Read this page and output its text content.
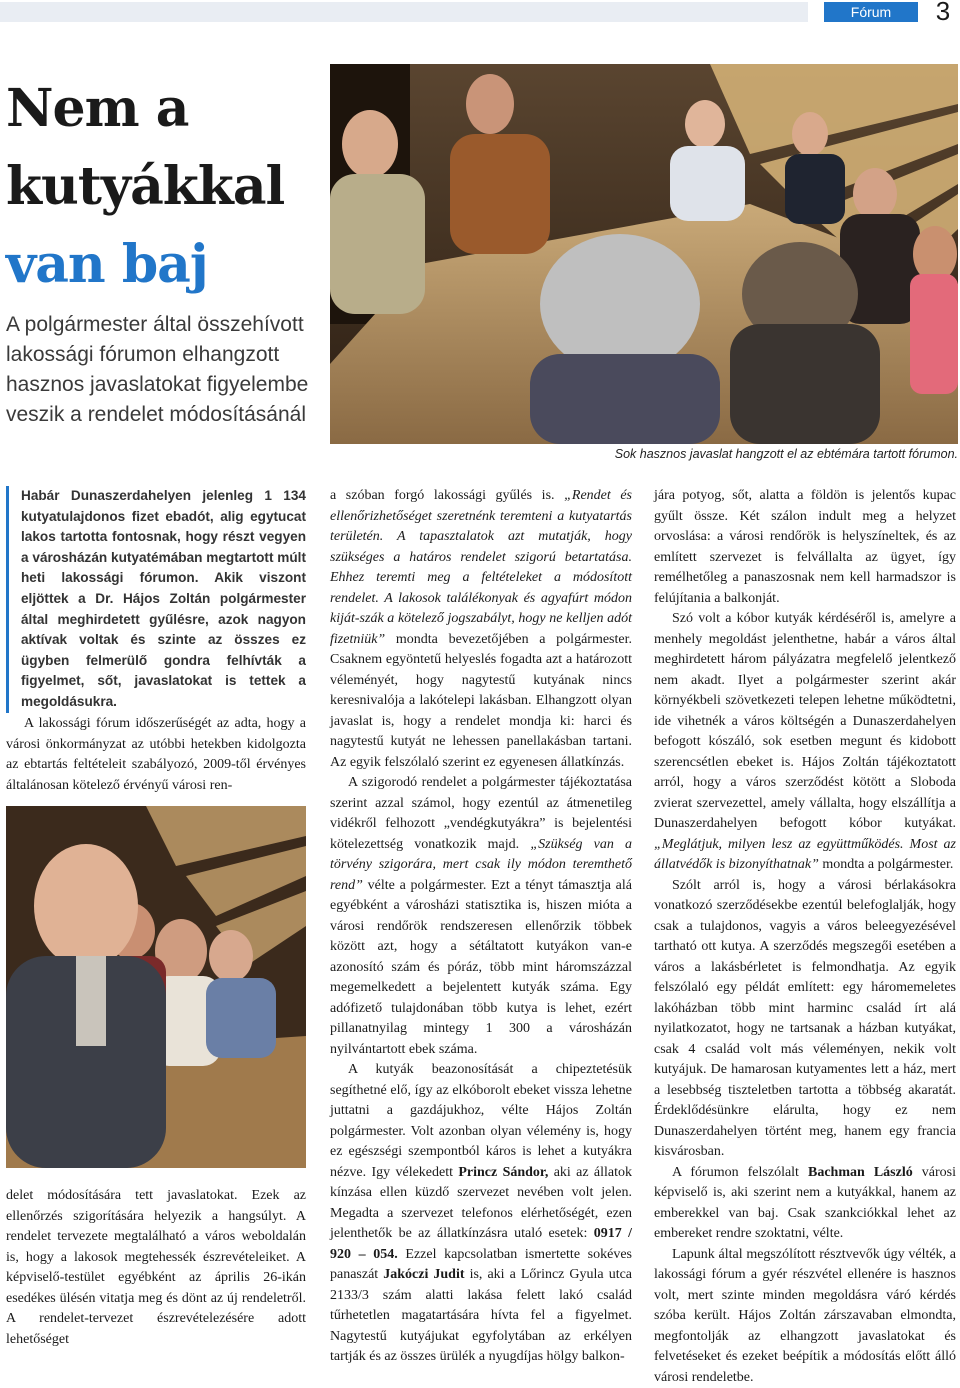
Fórum	3
Nem a
kutyákkal
van baj

A polgármester által összehívott lakossági fórumon elhangzott hasznos javaslatokat figyelembe veszik a rendelet módosításánál

Sok hasznos javaslat hangzott el az ebtémára tartott fórumon.
Habár Dunaszerdahelyen jelenleg 1 134 kutyatulajdonos fizet ebadót, alig egytucat lakos tartotta fontosnak, hogy részt vegyen a városházán kutyatémában megtartott múlt heti lakossági fórumon. Akik viszont eljöttek a Dr. Hájos Zoltán polgármester által meghirdetett gyűlésre, azok nagyon aktívak voltak és szinte az összes ez ügyben felmerülő gondra felhívták a figyelmet, sőt, javaslatokat is tettek a megoldásukra.

A lakossági fórum időszerűségét az adta, hogy a városi önkormányzat az utóbbi hetekben kidolgozta az ebtartás feltételeit szabályozó, 2009-től érvényes általánosan kötelező érvényű városi ren-

delet módosítására tett javaslatokat. Ezek az ellenőrzés szigorítására helyezik a hangsúlyt. A rendelet tervezete megtalálható a város weboldalán is, hogy a lakosok megtehessék észrevételeiket. A képviselő-testület egyébként az április 26-ikán esedékes ülésén vitatja meg és dönt az új rendeletről. A rendelet-tervezet észrevételezésére adott lehetőséget

a szóban forgó lakossági gyűlés is. „Rendet és ellenőrizhetőséget szeretnénk teremteni a kutyatartás területén. A tapasztalatok azt mutatják, hogy szükséges a határos rendelet szigorú betartatása. Ehhez teremti meg a feltételeket a módosított rendelet. A lakosok találékonyak és agyafúrt módon kiját-szák a kötelező jogszabályt, hogy ne kelljen adót fizetniük” mondta bevezetőjében a polgármester. Csaknem egyöntetű helyeslés fogadta azt a határozott véleményét, hogy nagytestű kutyának nincs keresnivalója a lakótelepi lakásban. Elhangzott olyan javaslat is, hogy a rendelet mondja ki: harci és nagytestű kutyát ne lehessen panellakásban tartani. Az egyik felszólaló szerint ez egyenesen állatkínzás.

A szigorodó rendelet a polgármester tájékoztatása szerint azzal számol, hogy ezentúl az átmenetileg vidékről felhozott „vendégkutyákra” is bejelentési kötelezettség vonatkozik majd. „Szükség van a törvény szigorára, mert csak ily módon teremthető rend” vélte a polgármester. Ezt a tényt támasztja alá egyébként a városházi statisztika is, hiszen mióta a városi rendőrök rendszeresen ellenőrzik többek között azt, hogy a sétáltatott kutyákon van-e azonosító szám és póráz, több mint háromszázzal megemelkedett a bejelentett kutyák száma. Egy adófizető tulajdonában több kutya is lehet, ezért pillanatnyilag mintegy 1 300 a városházán nyilvántartott ebek száma.

A kutyák beazonosítását a chipeztetésük segíthetné elő, így az elkóborolt ebeket vissza lehetne juttatni a gazdájukhoz, vélte Hájos Zoltán polgármester. Volt azonban olyan vélemény is, hogy ez egészségi szempontból káros is lehet a kutyákra nézve. Igy vélekedett Princz Sándor, aki az állatok kínzása ellen küzdő szervezet nevében volt jelen. Megadta a szervezet telefonos elérhetőségét, ezen jelenthetők be az állatkínzásra utaló esetek: 0917 / 920 – 054. Ezzel kapcsolatban ismertette sokéves panaszát Jakóczi Judit is, aki a Lőrincz Gyula utca 2133/3 szám alatti lakása felett lakó család tűrhetetlen magatartására hívta fel a figyelmet. Nagytestű kutyájukat egyfolytában az erkélyen tartják és az összes ürülék a nyugdíjas hölgy balkon-

jára potyog, sőt, alatta a földön is jelentős kupac gyűlt össze. Két szálon indult meg a helyzet orvoslása: a városi rendőrök is helyszíneltek, és az említett szervezet is felvállalta az ügyet, így remélhetőleg a panaszosnak nem kell harmadszor is felújítania a balkonját.

Szó volt a kóbor kutyák kérdéséről is, amelyre a menhely megoldást jelenthetne, habár a város által meghirdetett három pályázatra megfelelő jelentkező nem akadt. Ilyet a polgármester szerint akár környékbeli szövetkezeti telepen lehetne működtetni, ide vihetnék a város költségén a Dunaszerdahelyen befogott kószáló, sok esetben megunt és kidobott szerencsétlen ebeket is. Hájos Zoltán tájékoztatott arról, hogy a város szerződést kötött a Sloboda zvierat szervezettel, amely vállalta, hogy elszállítja a Dunaszerdahelyen befogott kóbor kutyákat. „Meglátjuk, milyen lesz az együttműködés. Most az állatvédők is bizonyíthatnak” mondta a polgármester.

Szólt arról is, hogy a városi bérlakásokra vonatkozó szerződésekbe ezentúl belefoglalják, hogy csak a tulajdonos, vagyis a város beleegyezésével tartható ott kutya. A szerződés megszegői esetében a város a lakásbérletet is felmondhatja. Az egyik felszólaló egy példát említett: egy háromemeletes lakóházban több mint harminc család írt alá nyilatkozatot, hogy ne tartsanak a házban kutyákat, csak 4 család volt más véleményen, nekik volt kutyájuk. De hamarosan kutyamentes lett a ház, mert a lesebbség tiszteletben tartotta a többség akaratát. Érdeklődésünkre elárulta, hogy ez nem Dunaszerdahelyen történt meg, hanem egy francia kisvárosban.

A fórumon felszólalt Bachman László városi képviselő is, aki szerint nem a kutyákkal, hanem az emberekkel van baj. Csak szankciókkal lehet az embereket rendre szoktatni, vélte.

Lapunk által megszólított résztvevők úgy vélték, a lakossági fórum a gyér részvétel ellenére is hasznos volt, mert szinte minden megoldásra váró kérdés szóba került. Hájos Zoltán zárszavaban elmondta, megfontolják az elhangzott javaslatokat és felvetéseket és ezeket beépítik a módosítás előtt álló városi rendeletbe.
